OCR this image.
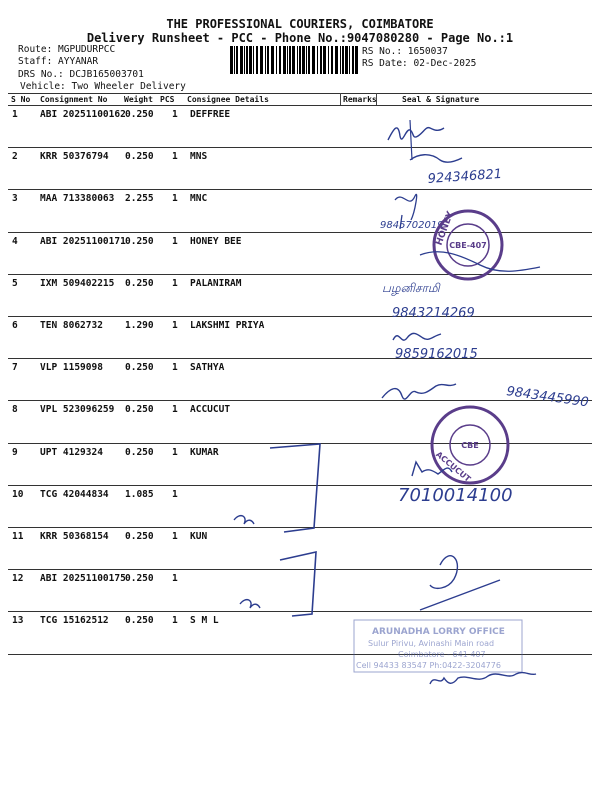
THE PROFESSIONAL COURIERS, COIMBATORE
Delivery Runsheet - PCC - Phone No.:9047080280 - Page No.:1
Route: MGPUDURPCC
Staff: AYYANAR
DRS No.: DCJB165003701
Vehicle: Two Wheeler Delivery
RS No.: 1650037
RS Date: 02-Dec-2025
S No Consignment No Weight PCS Consignee Details	Remarks	Seal & Signature
1 ABI 20251100162 0.250 1 DEFFREE
2 KRR 50376794 0.250 1 MNS
3 MAA 713380063 2.255 1 MNC
4 ABI 20251100171 0.250 1 HONEY BEE
5 IXM 509402215 0.250 1 PALANIRAM
6 TEN 8062732 1.290 1 LAKSHMI PRIYA
7 VLP 1159098 0.250 1 SATHYA
8 VPL 523096259 0.250 1 ACCUCUT
9 UPT 4129324 0.250 1 KUMAR
10 TCG 42044834 1.085 1
11 KRR 50368154 0.250 1 KUN
12 ABI 20251100175 0.250 1
13 TCG 15162512 0.250 1 S M L
924346821
9845702019
CBE-407
HONEY
பழனிசாமி
9843214269
9859162015
9843445990
CBE
ACCUCUT
7010014100
ARUNADHA LORRY OFFICE
Sulur Pirivu, Avinashi Main road
Coimbatore - 641 407
Cell 94433 83547 Ph:0422-3204776
